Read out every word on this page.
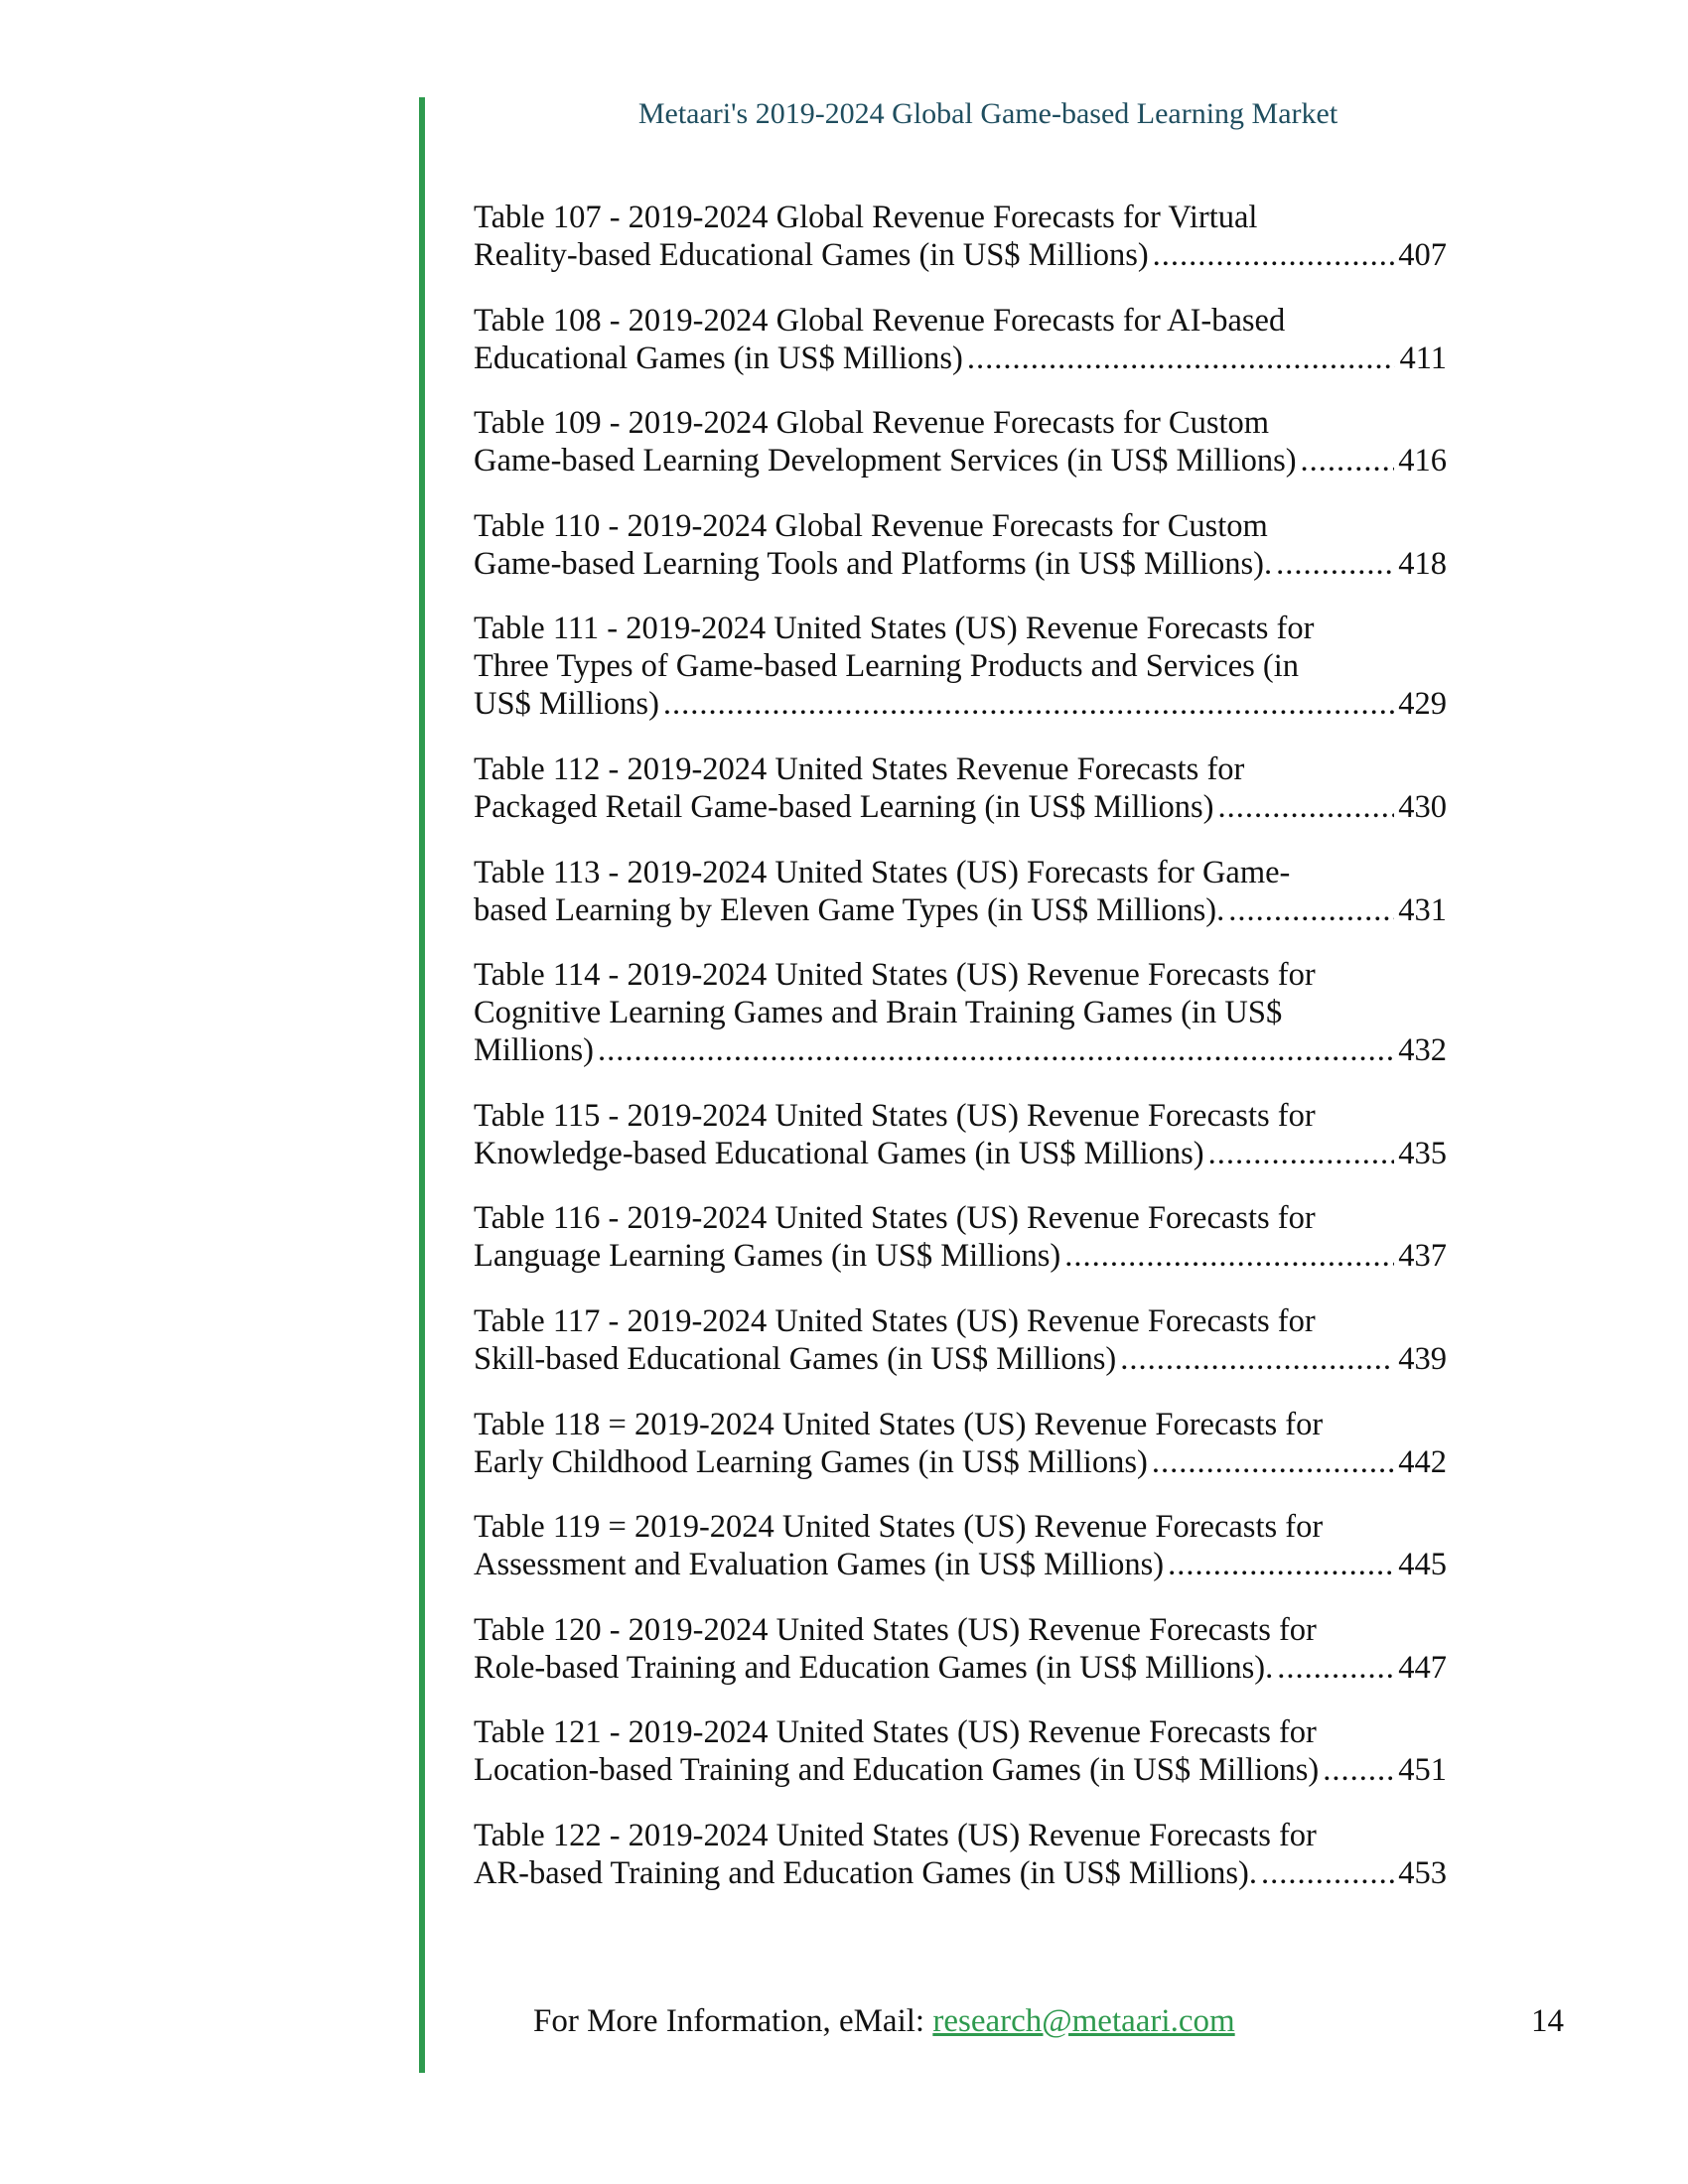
Metaari's 2019-2024 Global Game-based Learning Market
Table 107 - 2019-2024 Global Revenue Forecasts for Virtual
Reality-based Educational Games (in US$ Millions) .....	407
Table 108 - 2019-2024 Global Revenue Forecasts for AI-based
Educational Games (in US$ Millions) .....	411
Table 109 - 2019-2024 Global Revenue Forecasts for Custom
Game-based Learning Development Services (in US$ Millions) .....	416
Table 110 - 2019-2024 Global Revenue Forecasts for Custom
Game-based Learning Tools and Platforms (in US$ Millions). .....	418
Table 111 - 2019-2024 United States (US) Revenue Forecasts for
Three Types of Game-based Learning Products and Services (in
US$ Millions) .....	429
Table 112 - 2019-2024 United States Revenue Forecasts for
Packaged Retail Game-based Learning (in US$ Millions) .....	430
Table 113 - 2019-2024 United States (US) Forecasts for Game-
based Learning by Eleven Game Types (in US$ Millions). .....	431
Table 114 - 2019-2024 United States (US) Revenue Forecasts for
Cognitive Learning Games and Brain Training Games (in US$
Millions) .....	432
Table 115 - 2019-2024 United States (US) Revenue Forecasts for
Knowledge-based Educational Games (in US$ Millions) .....	435
Table 116 - 2019-2024 United States (US) Revenue Forecasts for
Language Learning Games (in US$ Millions) .....	437
Table 117 - 2019-2024 United States (US) Revenue Forecasts for
Skill-based Educational Games (in US$ Millions) .....	439
Table 118 = 2019-2024 United States (US) Revenue Forecasts for
Early Childhood Learning Games (in US$ Millions) .....	442
Table 119 = 2019-2024 United States (US) Revenue Forecasts for
Assessment and Evaluation Games (in US$ Millions) .....	445
Table 120 - 2019-2024 United States (US) Revenue Forecasts for
Role-based Training and Education Games (in US$ Millions). .....	447
Table 121 - 2019-2024 United States (US) Revenue Forecasts for
Location-based Training and Education Games (in US$ Millions) ..... 451
Table 122 - 2019-2024 United States (US) Revenue Forecasts for
AR-based Training and Education Games (in US$ Millions). .....	453
For More Information, eMail: research@metaari.com	14
